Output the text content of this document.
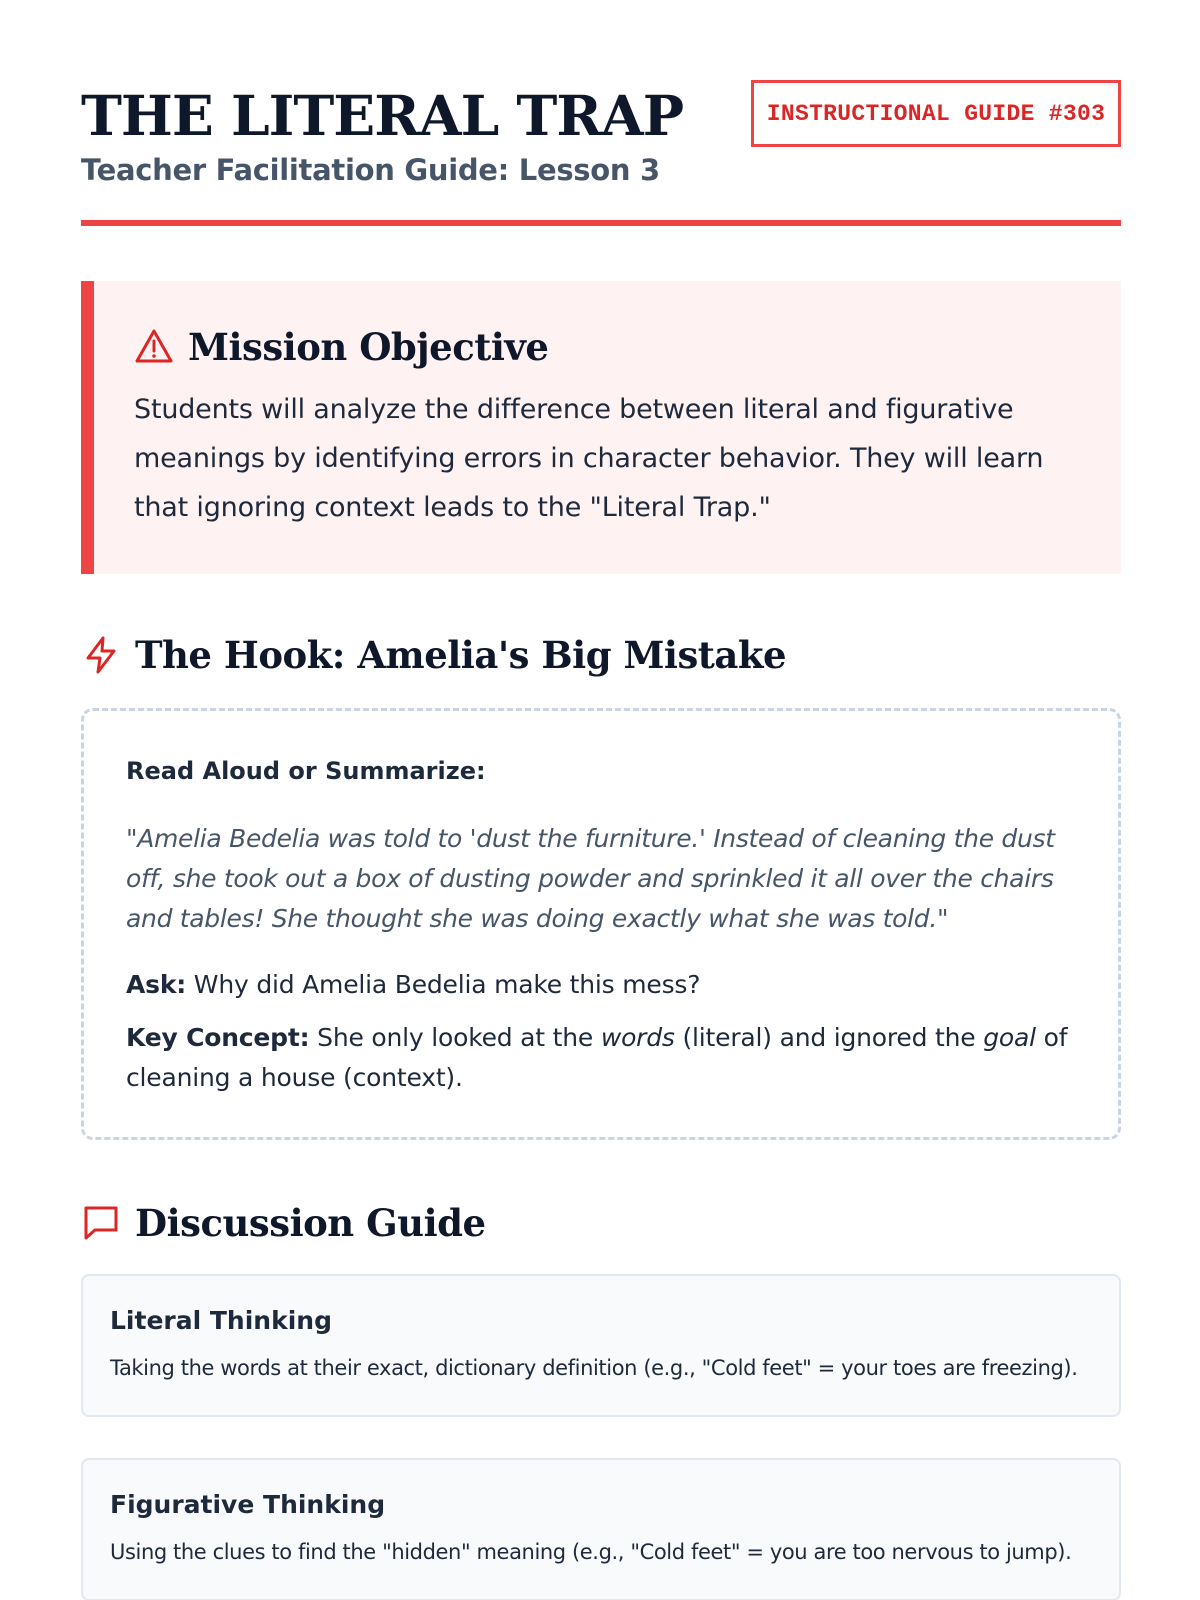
THE LITERAL TRAP
Teacher Facilitation Guide: Lesson 3
INSTRUCTIONAL GUIDE #303
Mission Objective

Students will analyze the difference between literal and figurative meanings by identifying errors in character behavior. They will learn that ignoring context leads to the "Literal Trap."

The Hook: Amelia's Big Mistake
Read Aloud or Summarize:

"Amelia Bedelia was told to 'dust the furniture.' Instead of cleaning the dust off, she took out a box of dusting powder and sprinkled it all over the chairs and tables! She thought she was doing exactly what she was told."

Ask: Why did Amelia Bedelia make this mess?

Key Concept: She only looked at the words (literal) and ignored the goal of cleaning a house (context).

Discussion Guide
Literal Thinking
Taking the words at their exact, dictionary definition (e.g., "Cold feet" = your toes are freezing).
Figurative Thinking
Using the clues to find the "hidden" meaning (e.g., "Cold feet" = you are too nervous to jump).
